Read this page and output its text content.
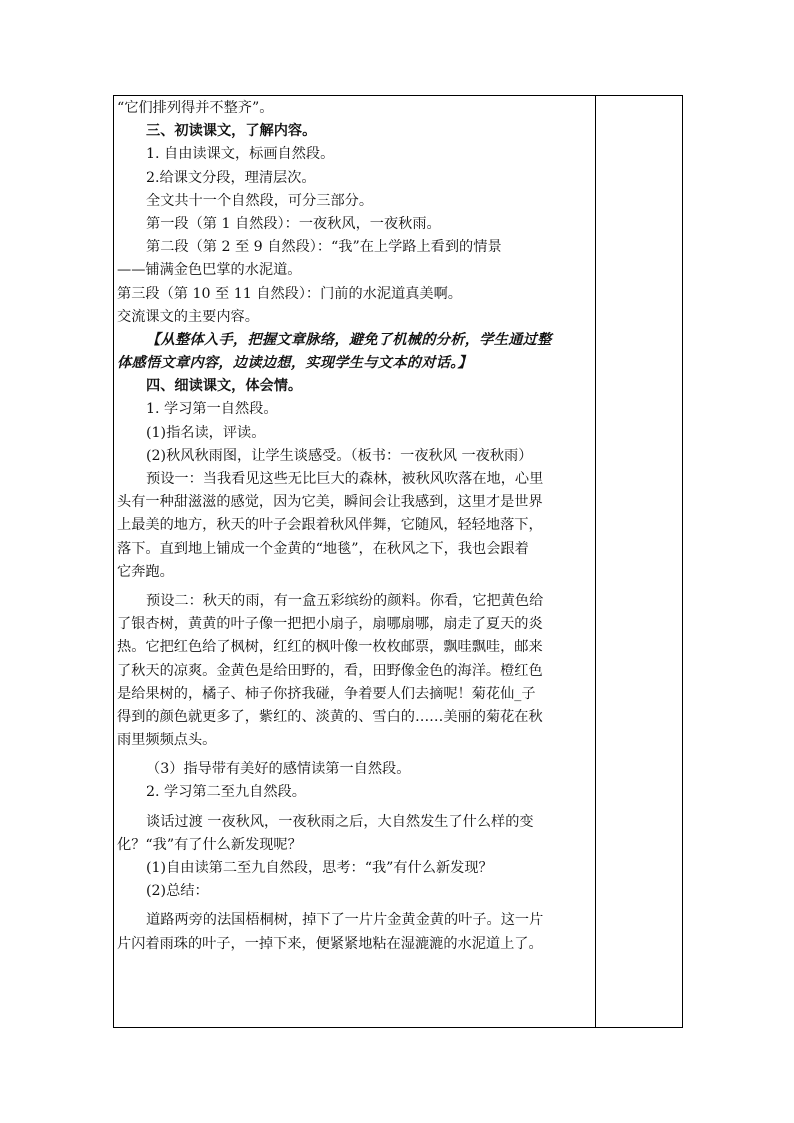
“它们排列得并不整齐”。
三、初读课文，了解内容。
1. 自由读课文，标画自然段。
2.给课文分段，理清层次。
全文共十一个自然段，可分三部分。
第一段（第 1 自然段）：一夜秋风，一夜秋雨。
第二段（第 2 至 9 自然段）：“我”在上学路上看到的情景
——铺满金色巴掌的水泥道。
第三段（第 10 至 11 自然段）：门前的水泥道真美啊。
交流课文的主要内容。
【从整体入手，把握文章脉络，避免了机械的分析，学生通过整
体感悟文章内容，边读边想，实现学生与文本的对话。】
四、细读课文，体会情。
1. 学习第一自然段。
(1)指名读，评读。
(2)秋风秋雨图，让学生谈感受。（板书：一夜秋风 一夜秋雨）
预设一：当我看见这些无比巨大的森林，被秋风吹落在地，心里
头有一种甜滋滋的感觉，因为它美，瞬间会让我感到，这里才是世界
上最美的地方，秋天的叶子会跟着秋风伴舞，它随风，轻轻地落下，
落下。直到地上铺成一个金黄的“地毯”，在秋风之下，我也会跟着
它奔跑。
预设二：秋天的雨，有一盒五彩缤纷的颜料。你看，它把黄色给
了银杏树，黄黄的叶子像一把把小扇子，扇哪扇哪，扇走了夏天的炎
热。它把红色给了枫树，红红的枫叶像一枚枚邮票，飘哇飘哇，邮来
了秋天的凉爽。金黄色是给田野的，看，田野像金色的海洋。橙红色
是给果树的，橘子、柿子你挤我碰，争着要人们去摘呢！菊花仙_子
得到的颜色就更多了，紫红的、淡黄的、雪白的……美丽的菊花在秋
雨里频频点头。
（3）指导带有美好的感情读第一自然段。
2. 学习第二至九自然段。
谈话过渡 一夜秋风，一夜秋雨之后，大自然发生了什么样的变
化？“我”有了什么新发现呢？
(1)自由读第二至九自然段，思考：“我”有什么新发现？
(2)总结：
道路两旁的法国梧桐树，掉下了一片片金黄金黄的叶子。这一片
片闪着雨珠的叶子，一掉下来，便紧紧地粘在湿漉漉的水泥道上了。
